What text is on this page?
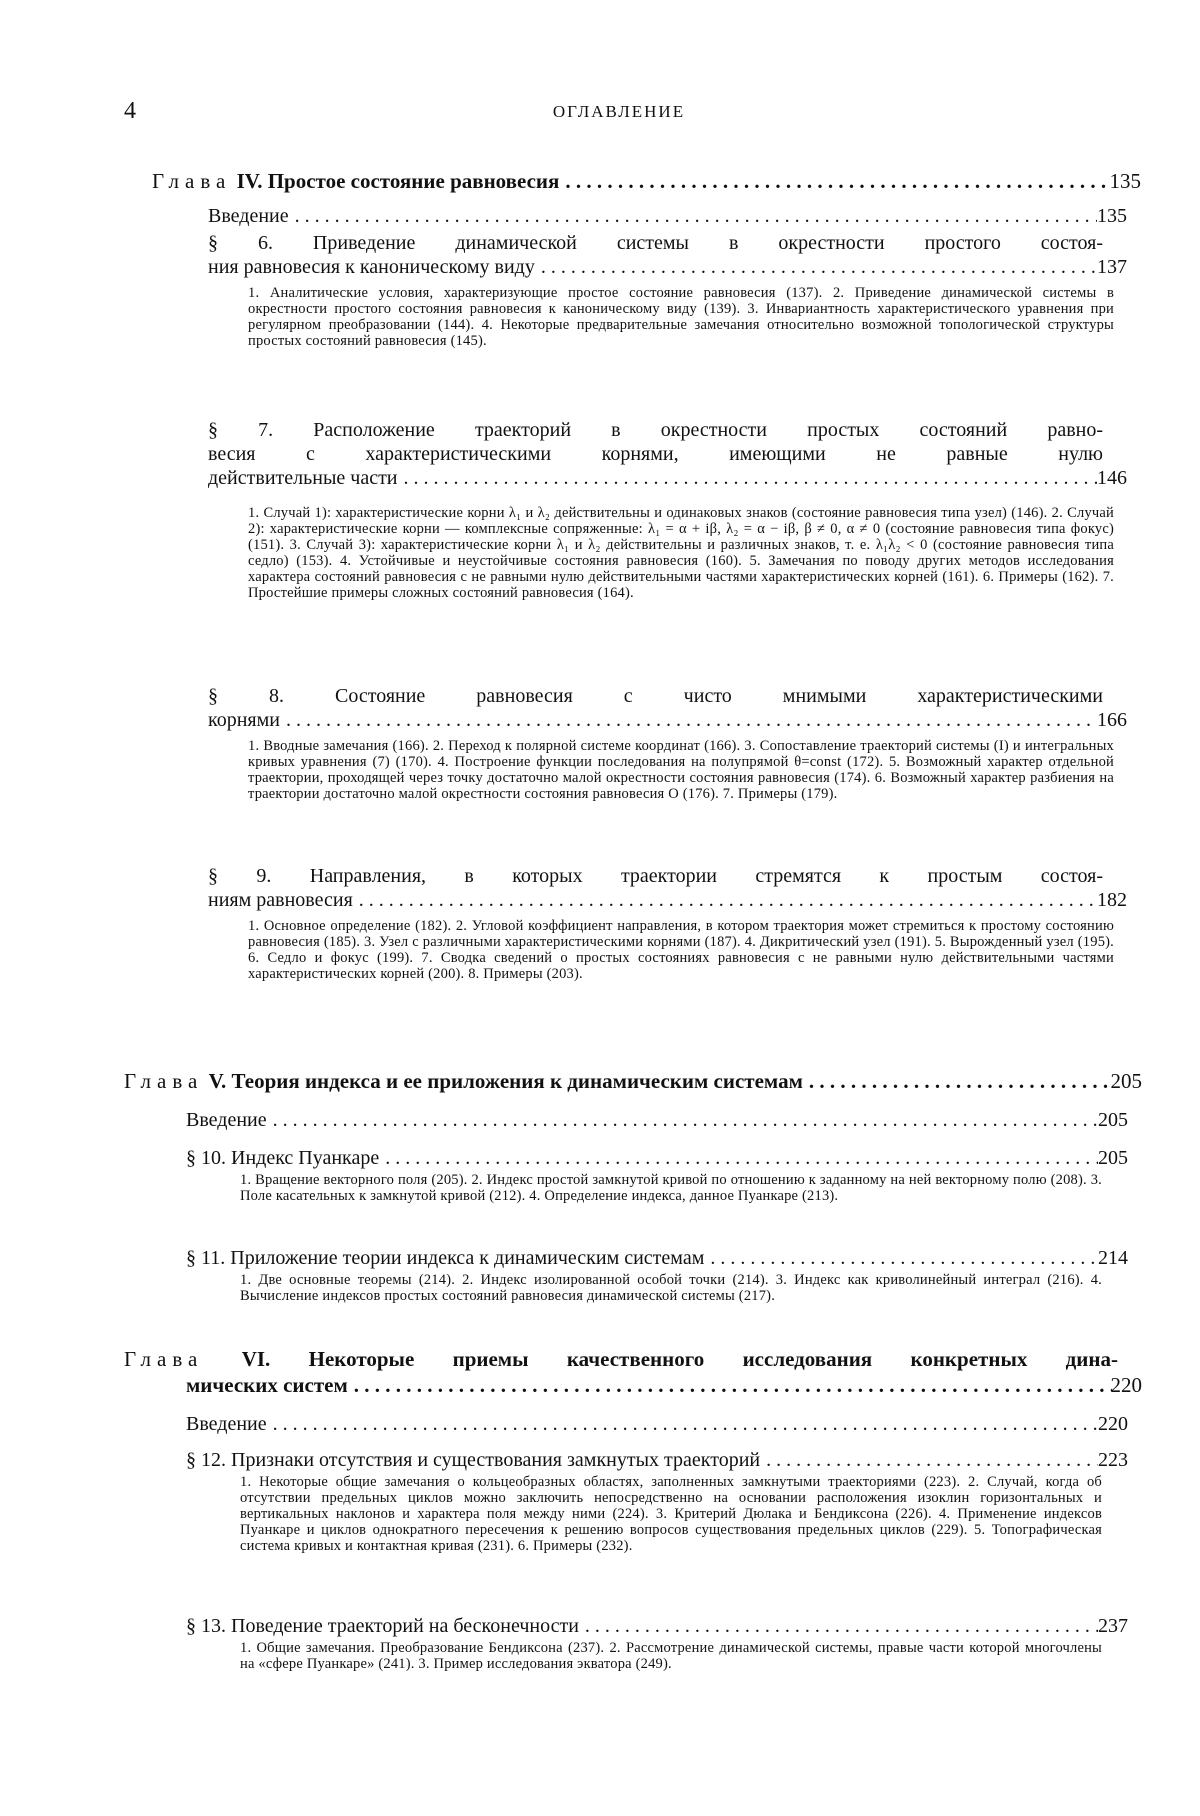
4	ОГЛАВЛЕНИЕ
Глава IV. Простое состояние равновесия . . .	135
Введение . . .	135
§ 6. Приведение динамической системы в окрестности простого состоя-
ния равновесия к каноническому виду . . .	137
1. Аналитические условия, характеризующие простое состояние равновесия (137). 2. Приведение динамической системы в окрестности простого состояния равновесия к каноническому виду (139). 3. Инвариантность характеристического уравнения при регулярном преобразовании (144). 4. Некоторые предварительные замечания относительно возможной топологической структуры простых состояний равновесия (145).
§ 7. Расположение траекторий в окрестности простых состояний равно-
весия с характеристическими корнями, имеющими не равные нулю
действительные части . . .	146
1. Случай 1): характеристические корни λ₁ и λ₂ действительны и одинаковых знаков (состояние равновесия типа узел) (146). 2. Случай 2): характеристические корни — комплексные сопряженные: λ₁ = α + iβ, λ₂ = α − iβ, β ≠ 0, α ≠ 0 (состояние равновесия типа фокус) (151). 3. Случай 3): характеристические корни λ₁ и λ₂ действительны и различных знаков, т. е. λ₁λ₂ < 0 (состояние равновесия типа седло) (153). 4. Устойчивые и неустойчивые состояния равновесия (160). 5. Замечания по поводу других методов исследования характера состояний равновесия с не равными нулю действительными частями характеристических корней (161). 6. Примеры (162). 7. Простейшие примеры сложных состояний равновесия (164).
§ 8. Состояние равновесия с чисто мнимыми характеристическими
корнями . . .	166
1. Вводные замечания (166). 2. Переход к полярной системе координат (166). 3. Сопоставление траекторий системы (I) и интегральных кривых уравнения (7) (170). 4. Построение функции последования на полупрямой θ=const (172). 5. Возможный характер отдельной траектории, проходящей через точку достаточно малой окрестности состояния равновесия (174). 6. Возможный характер разбиения на траектории достаточно малой окрестности состояния равновесия O (176). 7. Примеры (179).
§ 9. Направления, в которых траектории стремятся к простым состоя-
ниям равновесия . . .	182
1. Основное определение (182). 2. Угловой коэффициент направления, в котором траектория может стремиться к простому состоянию равновесия (185). 3. Узел с различными характеристическими корнями (187). 4. Дикритический узел (191). 5. Вырожденный узел (195). 6. Седло и фокус (199). 7. Сводка сведений о простых состояниях равновесия с не равными нулю действительными частями характеристических корней (200). 8. Примеры (203).
Глава V. Теория индекса и ее приложения к динамическим системам . . .	205
Введение . . .	205
§ 10. Индекс Пуанкаре . . .	205
1. Вращение векторного поля (205). 2. Индекс простой замкнутой кривой по отношению к заданному на ней векторному полю (208). 3. Поле касательных к замкнутой кривой (212). 4. Определение индекса, данное Пуанкаре (213).
§ 11. Приложение теории индекса к динамическим системам . . .	214
1. Две основные теоремы (214). 2. Индекс изолированной особой точки (214). 3. Индекс как криволинейный интеграл (216). 4. Вычисление индексов простых состояний равновесия динамической системы (217).
Глава VI. Некоторые приемы качественного исследования конкретных дина-
мических систем . . .	220
Введение . . .	220
§ 12. Признаки отсутствия и существования замкнутых траекторий . . .	223
1. Некоторые общие замечания о кольцеобразных областях, заполненных замкнутыми траекториями (223). 2. Случай, когда об отсутствии предельных циклов можно заключить непосредственно на основании расположения изоклин горизонтальных и вертикальных наклонов и характера поля между ними (224). 3. Критерий Дюлака и Бендиксона (226). 4. Применение индексов Пуанкаре и циклов однократного пересечения к решению вопросов существования предельных циклов (229). 5. Топографическая система кривых и контактная кривая (231). 6. Примеры (232).
§ 13. Поведение траекторий на бесконечности . . .	237
1. Общие замечания. Преобразование Бендиксона (237). 2. Рассмотрение динамической системы, правые части которой многочлены на «сфере Пуанкаре» (241). 3. Пример исследования экватора (249).
